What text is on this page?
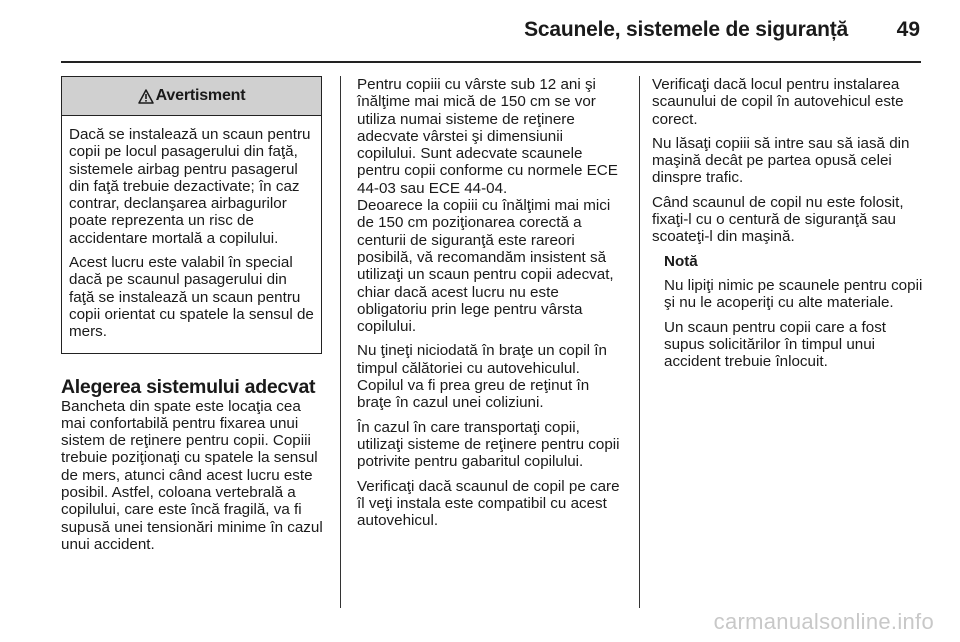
Scaunele, sistemele de siguranță 49
Avertisment

Dacă se instalează un scaun pentru copii pe locul pasagerului din faţă, sistemele airbag pentru pasagerul din faţă trebuie dezactivate; în caz contrar, declanşarea airbagurilor poate reprezenta un risc de accidentare mortală a copilului.

Acest lucru este valabil în special dacă pe scaunul pasagerului din faţă se instalează un scaun pentru copii orientat cu spatele la sensul de mers.

Alegerea sistemului adecvat

Bancheta din spate este locaţia cea mai confortabilă pentru fixarea unui sistem de reţinere pentru copii. Copiii trebuie poziţionaţi cu spatele la sensul de mers, atunci când acest lucru este posibil. Astfel, coloana vertebrală a copilului, care este încă fragilă, va fi supusă unei tensionări minime în cazul unui accident.

Pentru copiii cu vârste sub 12 ani şi înălţime mai mică de 150 cm se vor utiliza numai sisteme de reţinere adecvate vârstei şi dimensiunii copilului. Sunt adecvate scaunele pentru copii conforme cu normele ECE 44-03 sau ECE 44-04.

Deoarece la copiii cu înălţimi mai mici de 150 cm poziţionarea corectă a centurii de siguranţă este rareori posibilă, vă recomandăm insistent să utilizaţi un scaun pentru copii adecvat, chiar dacă acest lucru nu este obligatoriu prin lege pentru vârsta copilului.

Nu ţineţi niciodată în braţe un copil în timpul călătoriei cu autovehiculul. Copilul va fi prea greu de reţinut în braţe în cazul unei coliziuni.

În cazul în care transportaţi copii, utilizaţi sisteme de reţinere pentru copii potrivite pentru gabaritul copilului.

Verificaţi dacă scaunul de copil pe care îl veţi instala este compatibil cu acest autovehicul.

Verificaţi dacă locul pentru instalarea scaunului de copil în autovehicul este corect.

Nu lăsaţi copiii să intre sau să iasă din maşină decât pe partea opusă celei dinspre trafic.

Când scaunul de copil nu este folosit, fixaţi-l cu o centură de siguranţă sau scoateţi-l din maşină.

Notă

Nu lipiţi nimic pe scaunele pentru copii şi nu le acoperiţi cu alte materiale.

Un scaun pentru copii care a fost supus solicitărilor în timpul unui accident trebuie înlocuit.

carmanualsonline.info
